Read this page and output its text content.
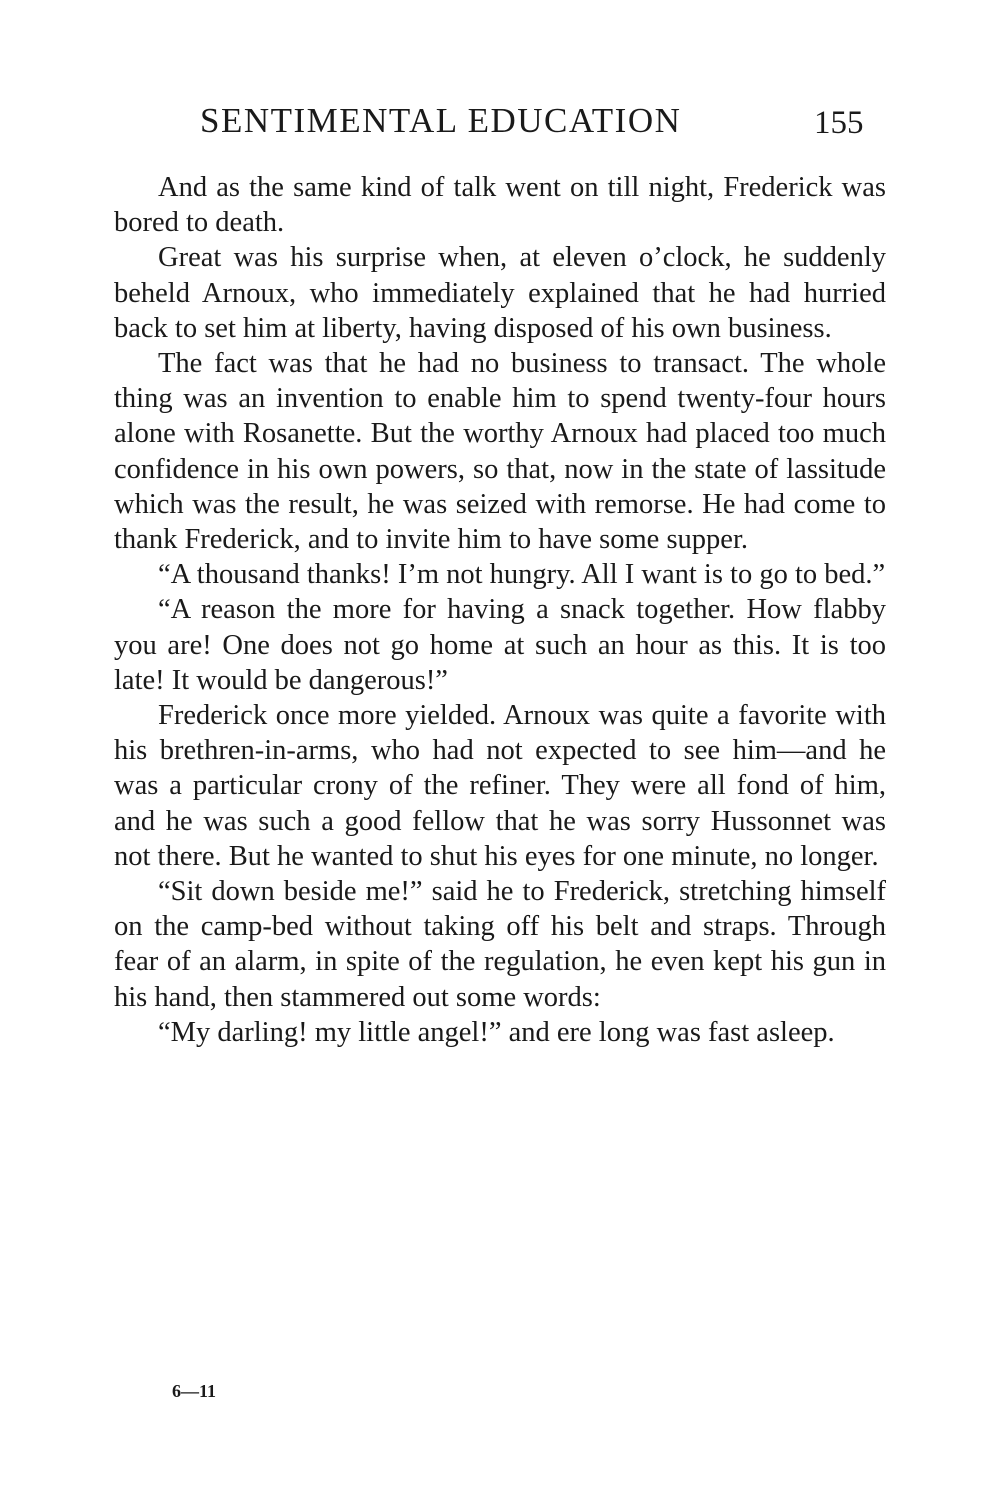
SENTIMENTAL EDUCATION	155

And as the same kind of talk went on till night, Frederick was bored to death.

Great was his surprise when, at eleven o’clock, he suddenly beheld Arnoux, who immediately explained that he had hurried back to set him at liberty, having disposed of his own business.

The fact was that he had no business to transact. The whole thing was an invention to enable him to spend twenty-four hours alone with Rosanette. But the worthy Arnoux had placed too much confidence in his own powers, so that, now in the state of lassitude which was the result, he was seized with remorse. He had come to thank Frederick, and to invite him to have some supper.

“A thousand thanks! I’m not hungry. All I want is to go to bed.”

“A reason the more for having a snack together. How flabby you are! One does not go home at such an hour as this. It is too late! It would be dangerous!”

Frederick once more yielded. Arnoux was quite a favorite with his brethren-in-arms, who had not expected to see him—and he was a particular crony of the refiner. They were all fond of him, and he was such a good fellow that he was sorry Hussonnet was not there. But he wanted to shut his eyes for one minute, no longer.

“Sit down beside me!” said he to Frederick, stretching himself on the camp-bed without taking off his belt and straps. Through fear of an alarm, in spite of the regulation, he even kept his gun in his hand, then stammered out some words:

“My darling! my little angel!” and ere long was fast asleep.

6—11
